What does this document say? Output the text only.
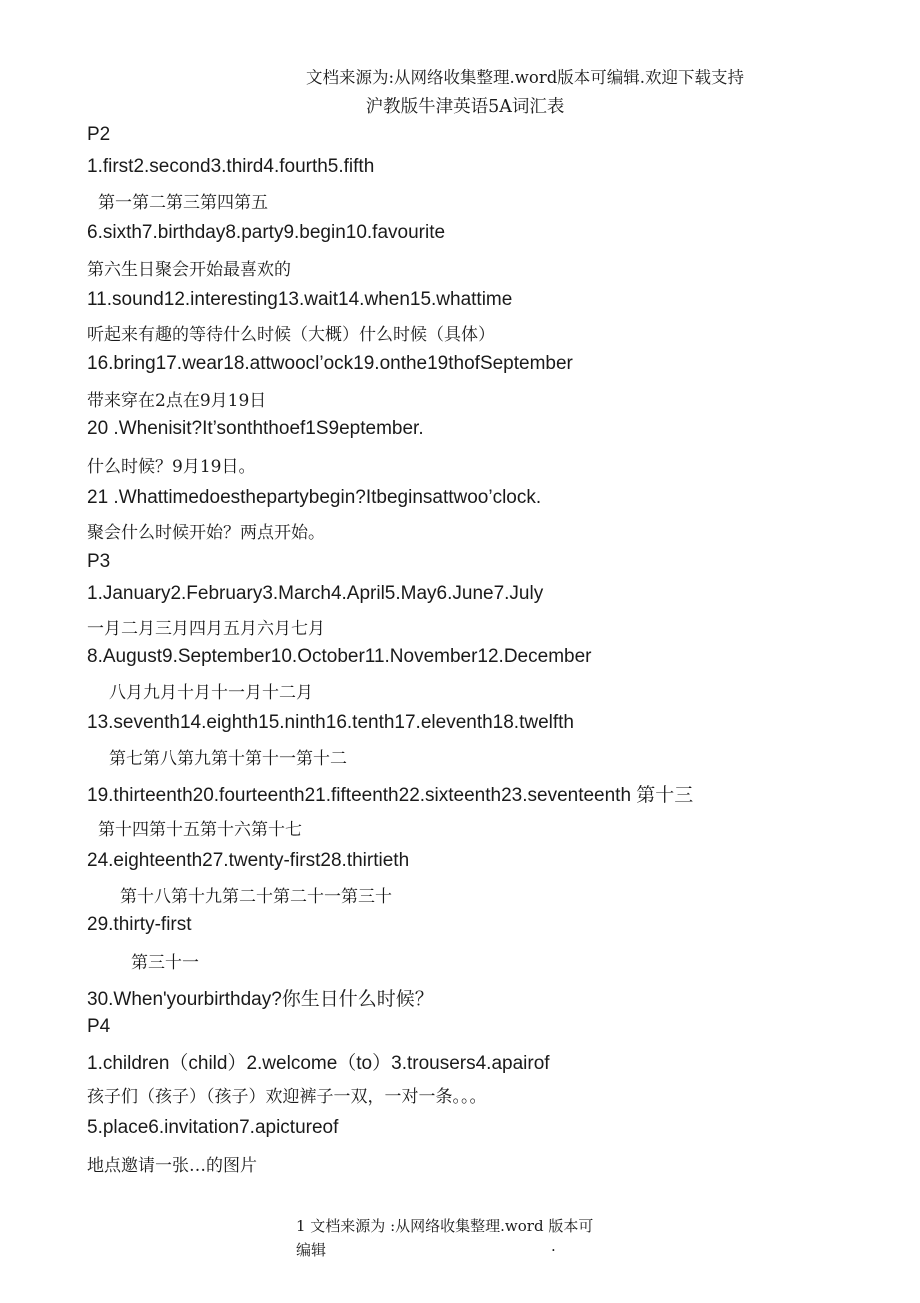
文档来源为:从网络收集整理.word版本可编辑.欢迎下载支持
沪教版牛津英语5A词汇表
P2
1.first2.second3.third4.fourth5.fifth
第一第二第三第四第五
6.sixth7.birthday8.party9.begin10.favourite
第六生日聚会开始最喜欢的
11.sound12.interesting13.wait14.when15.whattime
听起来有趣的等待什么时候（大概）什么时候（具体）
16.bring17.wear18.attwoocl’ock19.onthe19thofSeptember
带来穿在2点在9月19日
20 .Whenisit?It’sonththoef1S9eptember.
什么时候？9月19日。
21 .Whattimedoesthepartybegin?Itbeginsattwoo’clock.
聚会什么时候开始？两点开始。
P3
1.January2.February3.March4.April5.May6.June7.July
一月二月三月四月五月六月七月
8.August9.September10.October11.November12.December
八月九月十月十一月十二月
13.seventh14.eighth15.ninth16.tenth17.eleventh18.twelfth
第七第八第九第十第十一第十二
19.thirteenth20.fourteenth21.fifteenth22.sixteenth23.seventeenth 第十三
第十四第十五第十六第十七
24.eighteenth27.twenty-first28.thirtieth
第十八第十九第二十第二十一第三十
29.thirty-first
第三十一
30.When'yourbirthday?你生日什么时候？
P4
1.children（child）2.welcome（to）3.trousers4.apairof
孩子们（孩子）（孩子）欢迎裤子一双，一对一条。。。
5.place6.invitation7.apictureof
地点邀请一张…的图片
1 文档来源为 :从网络收集整理.word 版本可
编辑	.
